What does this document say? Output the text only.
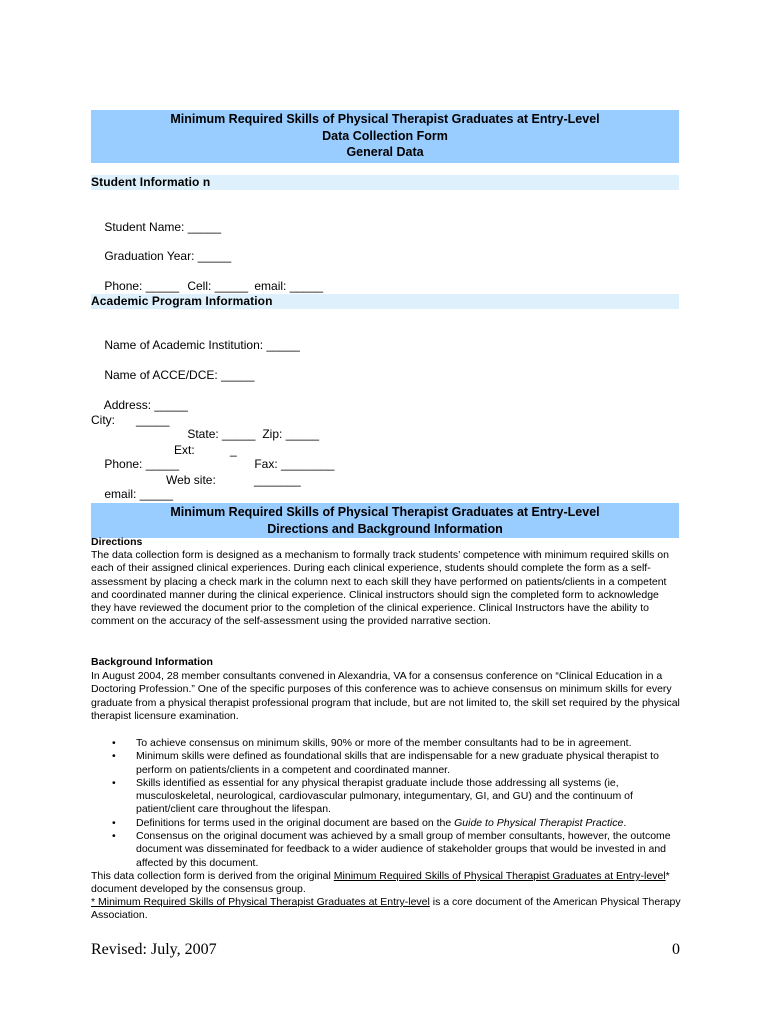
Minimum Required Skills of Physical Therapist Graduates at Entry-Level
Data Collection Form
General Data
Student Informatio n

Student Name: _____

Graduation Year: _____

Phone: _____
Cell: _____
email: _____

Academic Program Information

Name of Academic Institution: _____

Name of ACCE/DCE: _____

Address: _____

City: _____

State: _____
Zip: _____

Phone: _____

Ext:	_

Fax: ________

email: _____

Web site:	_______
Minimum Required Skills of Physical Therapist Graduates at Entry-Level
Directions and Background Information
Directions
The data collection form is designed as a mechanism to formally track students’ competence with minimum required skills on each of their assigned clinical experiences. During each clinical experience, students should complete the form as a self-assessment by placing a check mark in the column next to each skill they have performed on patients/clients in a competent and coordinated manner during the clinical experience. Clinical instructors should sign the completed form to acknowledge they have reviewed the document prior to the completion of the clinical experience. Clinical Instructors have the ability to comment on the accuracy of the self-assessment using the provided narrative section.
Background Information
In August 2004, 28 member consultants convened in Alexandria, VA for a consensus conference on “Clinical Education in a Doctoring Profession.” One of the specific purposes of this conference was to achieve consensus on minimum skills for every graduate from a physical therapist professional program that include, but are not limited to, the skill set required by the physical therapist licensure examination.
• To achieve consensus on minimum skills, 90% or more of the member consultants had to be in agreement.
• Minimum skills were defined as foundational skills that are indispensable for a new graduate physical therapist to perform on patients/clients in a competent and coordinated manner.
• Skills identified as essential for any physical therapist graduate include those addressing all systems (ie, musculoskeletal, neurological, cardiovascular pulmonary, integumentary, GI, and GU) and the continuum of patient/client care throughout the lifespan.
• Definitions for terms used in the original document are based on the Guide to Physical Therapist Practice.
• Consensus on the original document was achieved by a small group of member consultants, however, the outcome document was disseminated for feedback to a wider audience of stakeholder groups that would be invested in and affected by this document.
This data collection form is derived from the original Minimum Required Skills of Physical Therapist Graduates at Entry-level* document developed by the consensus group.
* Minimum Required Skills of Physical Therapist Graduates at Entry-level is a core document of the American Physical Therapy Association.
Revised: July, 2007	0
